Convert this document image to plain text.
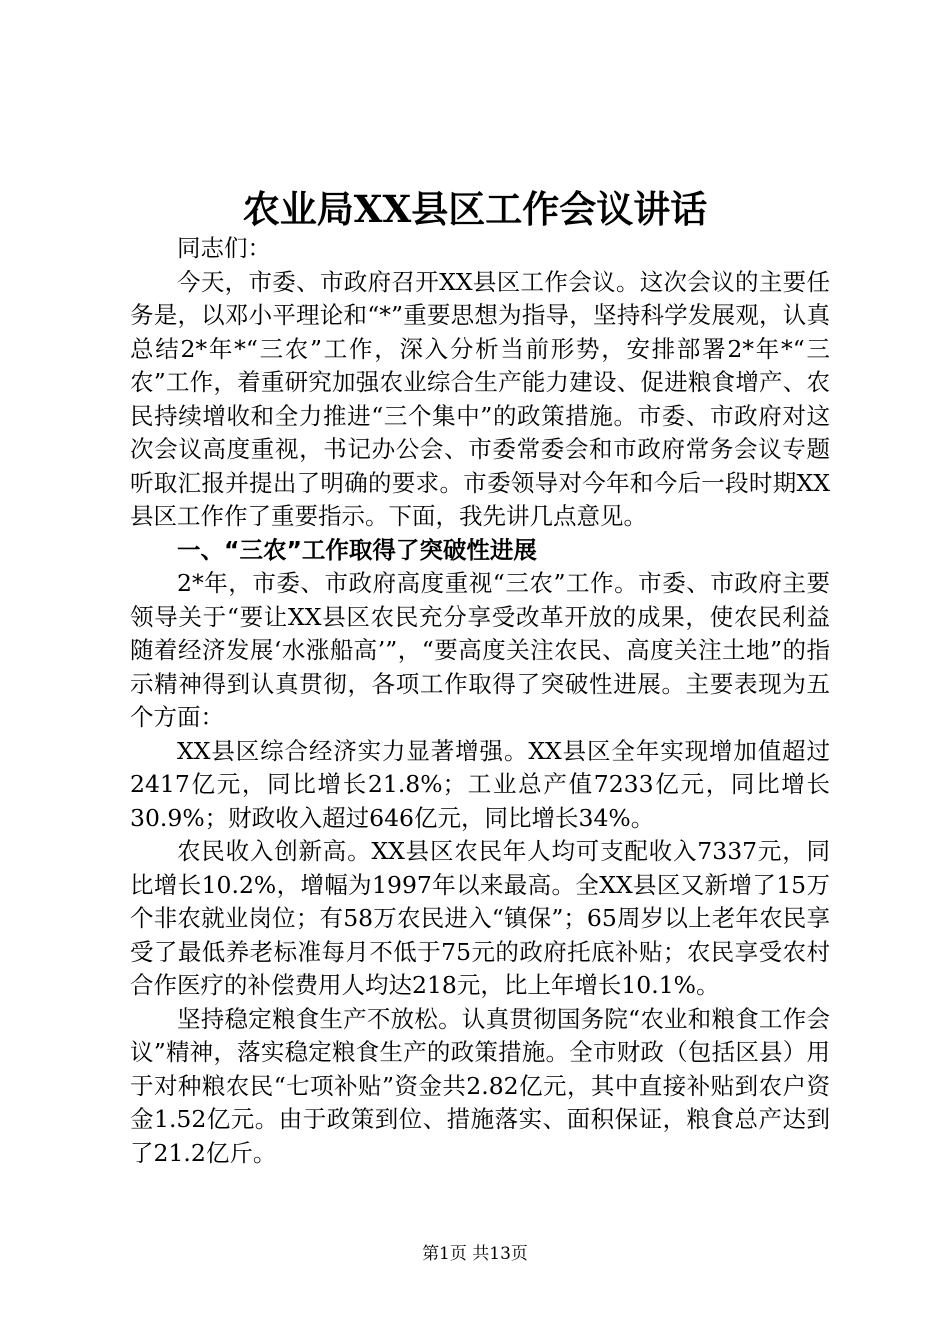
农业局XX县区工作会议讲话

同志们：

今天，市委、市政府召开XX县区工作会议。这次会议的主要任务是，以邓小平理论和“*”重要思想为指导，坚持科学发展观，认真总结2*年*“三农”工作，深入分析当前形势，安排部署2*年*“三农”工作，着重研究加强农业综合生产能力建设、促进粮食增产、农民持续增收和全力推进“三个集中”的政策措施。市委、市政府对这次会议高度重视，书记办公会、市委常委会和市政府常务会议专题听取汇报并提出了明确的要求。市委领导对今年和今后一段时期XX县区工作作了重要指示。下面，我先讲几点意见。

一、“三农”工作取得了突破性进展

2*年，市委、市政府高度重视“三农”工作。市委、市政府主要领导关于“要让XX县区农民充分享受改革开放的成果，使农民利益随着经济发展‘水涨船高’”，“要高度关注农民、高度关注土地”的指示精神得到认真贯彻，各项工作取得了突破性进展。主要表现为五个方面：

XX县区综合经济实力显著增强。XX县区全年实现增加值超过2417亿元，同比增长21.8%；工业总产值7233亿元，同比增长30.9%；财政收入超过646亿元，同比增长34%。

农民收入创新高。XX县区农民年人均可支配收入7337元，同比增长10.2%，增幅为1997年以来最高。全XX县区又新增了15万个非农就业岗位；有58万农民进入“镇保”；65周岁以上老年农民享受了最低养老标准每月不低于75元的政府托底补贴；农民享受农村合作医疗的补偿费用人均达218元，比上年增长10.1%。

坚持稳定粮食生产不放松。认真贯彻国务院“农业和粮食工作会议”精神，落实稳定粮食生产的政策措施。全市财政（包括区县）用于对种粮农民“七项补贴”资金共2.82亿元，其中直接补贴到农户资金1.52亿元。由于政策到位、措施落实、面积保证，粮食总产达到了21.2亿斤。

第1页 共13页
